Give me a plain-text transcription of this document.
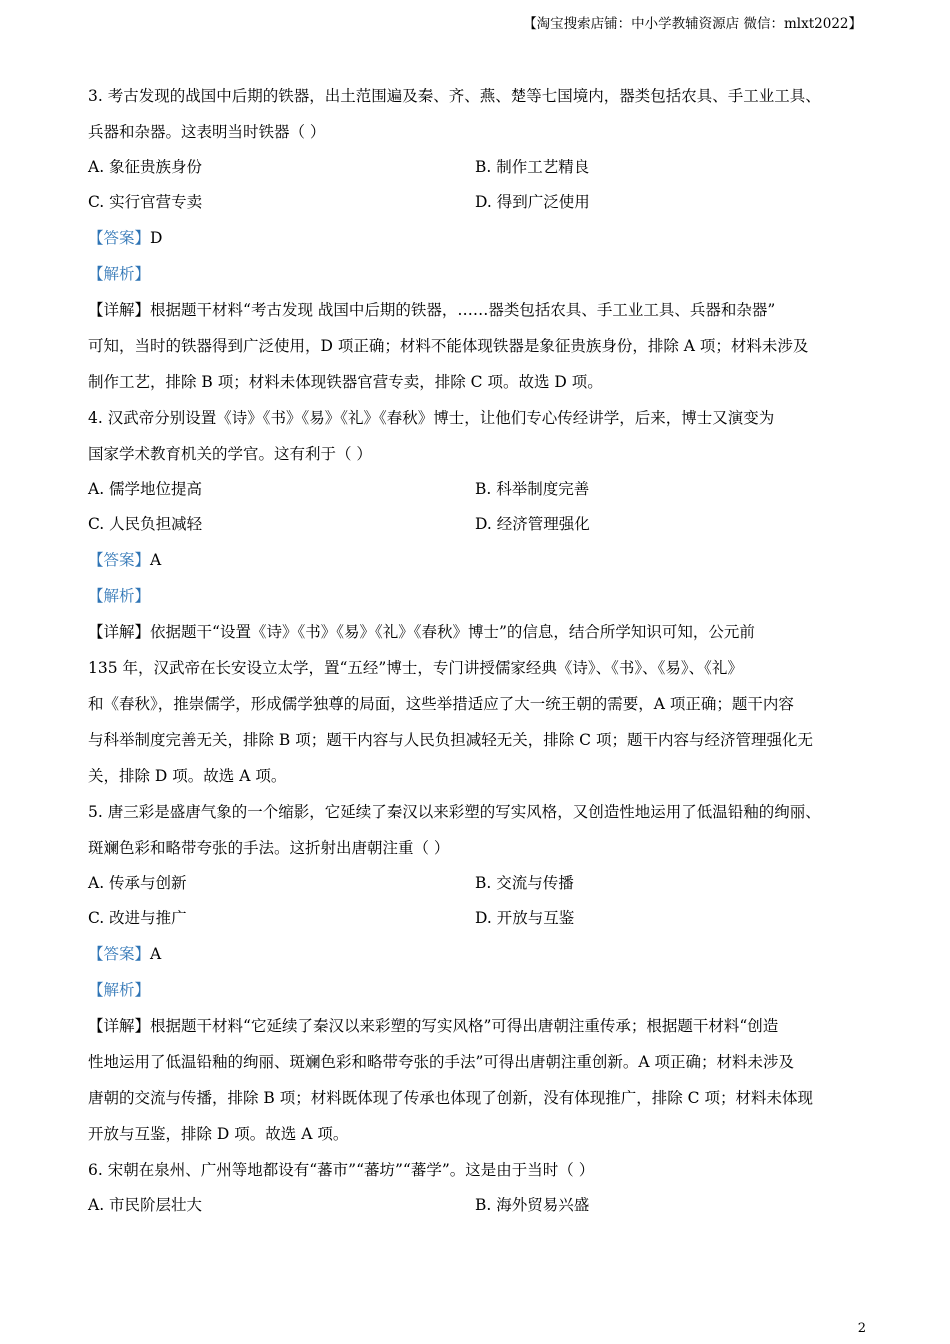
【淘宝搜索店铺：中小学教辅资源店 微信：mlxt2022】
3. 考古发现的战国中后期的铁器，出土范围遍及秦、齐、燕、楚等七国境内，器类包括农具、手工业工具、
兵器和杂器。这表明当时铁器（ ）
A. 象征贵族身份	B. 制作工艺精良
C. 实行官营专卖	D. 得到广泛使用
【答案】D
【解析】
【详解】根据题干材料“考古发现 战国中后期的铁器，……器类包括农具、手工业工具、兵器和杂器”
可知，当时的铁器得到广泛使用，D 项正确；材料不能体现铁器是象征贵族身份，排除 A 项；材料未涉及
制作工艺，排除 B 项；材料未体现铁器官营专卖，排除 C 项。故选 D 项。
4. 汉武帝分别设置《诗》《书》《易》《礼》《春秋》博士，让他们专心传经讲学，后来，博士又演变为
国家学术教育机关的学官。这有利于（ ）
A. 儒学地位提高	B. 科举制度完善
C. 人民负担减轻	D. 经济管理强化
【答案】A
【解析】
【详解】依据题干“设置《诗》《书》《易》《礼》《春秋》博士”的信息，结合所学知识可知，公元前
135 年，汉武帝在长安设立太学，置“五经”博士，专门讲授儒家经典《诗》、《书》、《易》、《礼》
和《春秋》，推崇儒学，形成儒学独尊的局面，这些举措适应了大一统王朝的需要，A 项正确；题干内容
与科举制度完善无关，排除 B 项；题干内容与人民负担减轻无关，排除 C 项；题干内容与经济管理强化无
关，排除 D 项。故选 A 项。
5. 唐三彩是盛唐气象的一个缩影，它延续了秦汉以来彩塑的写实风格，又创造性地运用了低温铅釉的绚丽、
斑斓色彩和略带夸张的手法。这折射出唐朝注重（ ）
A. 传承与创新	B. 交流与传播
C. 改进与推广	D. 开放与互鉴
【答案】A
【解析】
【详解】根据题干材料“它延续了秦汉以来彩塑的写实风格”可得出唐朝注重传承；根据题干材料“创造
性地运用了低温铅釉的绚丽、斑斓色彩和略带夸张的手法”可得出唐朝注重创新。A 项正确；材料未涉及
唐朝的交流与传播，排除 B 项；材料既体现了传承也体现了创新，没有体现推广，排除 C 项；材料未体现
开放与互鉴，排除 D 项。故选 A 项。
6. 宋朝在泉州、广州等地都设有“蕃市”“蕃坊”“蕃学”。这是由于当时（ ）
A. 市民阶层壮大	B. 海外贸易兴盛
2
